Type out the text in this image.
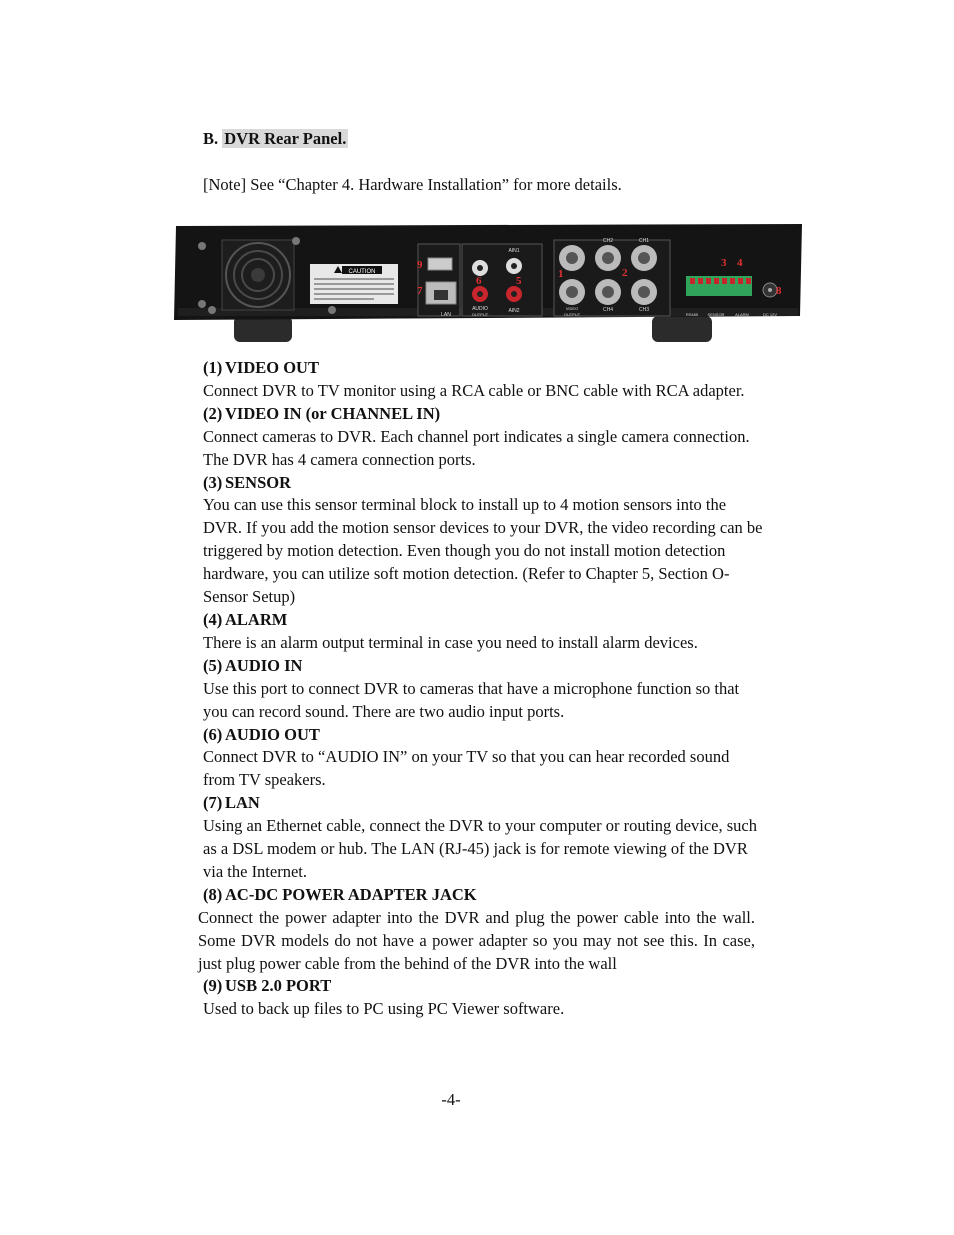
B. DVR Rear Panel.
[Note] See “Chapter 4. Hardware Installation” for more details.
CAUTION
LAN
AUDIO
OUTPUT
AIN1
AIN2
CH2	CH1
CH4	CH3
VIDEO
OUTPUT	RS485 SENSOR	ALARM	DC 12V
9
7
6	5
1	2
3 4
8
(1) VIDEO OUT
Connect DVR to TV monitor using a RCA cable or BNC cable with RCA adapter.
(2) VIDEO IN (or CHANNEL IN)
Connect cameras to DVR. Each channel port indicates a single camera connection. The DVR has 4 camera connection ports.
(3) SENSOR
You can use this sensor terminal block to install up to 4 motion sensors into the DVR. If you add the motion sensor devices to your DVR, the video recording can be triggered by motion detection. Even though you do not install motion detection hardware, you can utilize soft motion detection. (Refer to Chapter 5, Section O-Sensor Setup)
(4) ALARM
There is an alarm output terminal in case you need to install alarm devices.
(5) AUDIO IN
Use this port to connect DVR to cameras that have a microphone function so that you can record sound. There are two audio input ports.
(6) AUDIO OUT
Connect DVR to “AUDIO IN” on your TV so that you can hear recorded sound from TV speakers.
(7) LAN
Using an Ethernet cable, connect the DVR to your computer or routing device, such as a DSL modem or hub. The LAN (RJ-45) jack is for remote viewing of the DVR via the Internet.
(8) AC-DC POWER ADAPTER JACK
Connect the power adapter into the DVR and plug the power cable into the wall. Some DVR models do not have a power adapter so you may not see this. In case, just plug power cable from the behind of the DVR into the wall
(9) USB 2.0 PORT
Used to back up files to PC using PC Viewer software.
-4-
